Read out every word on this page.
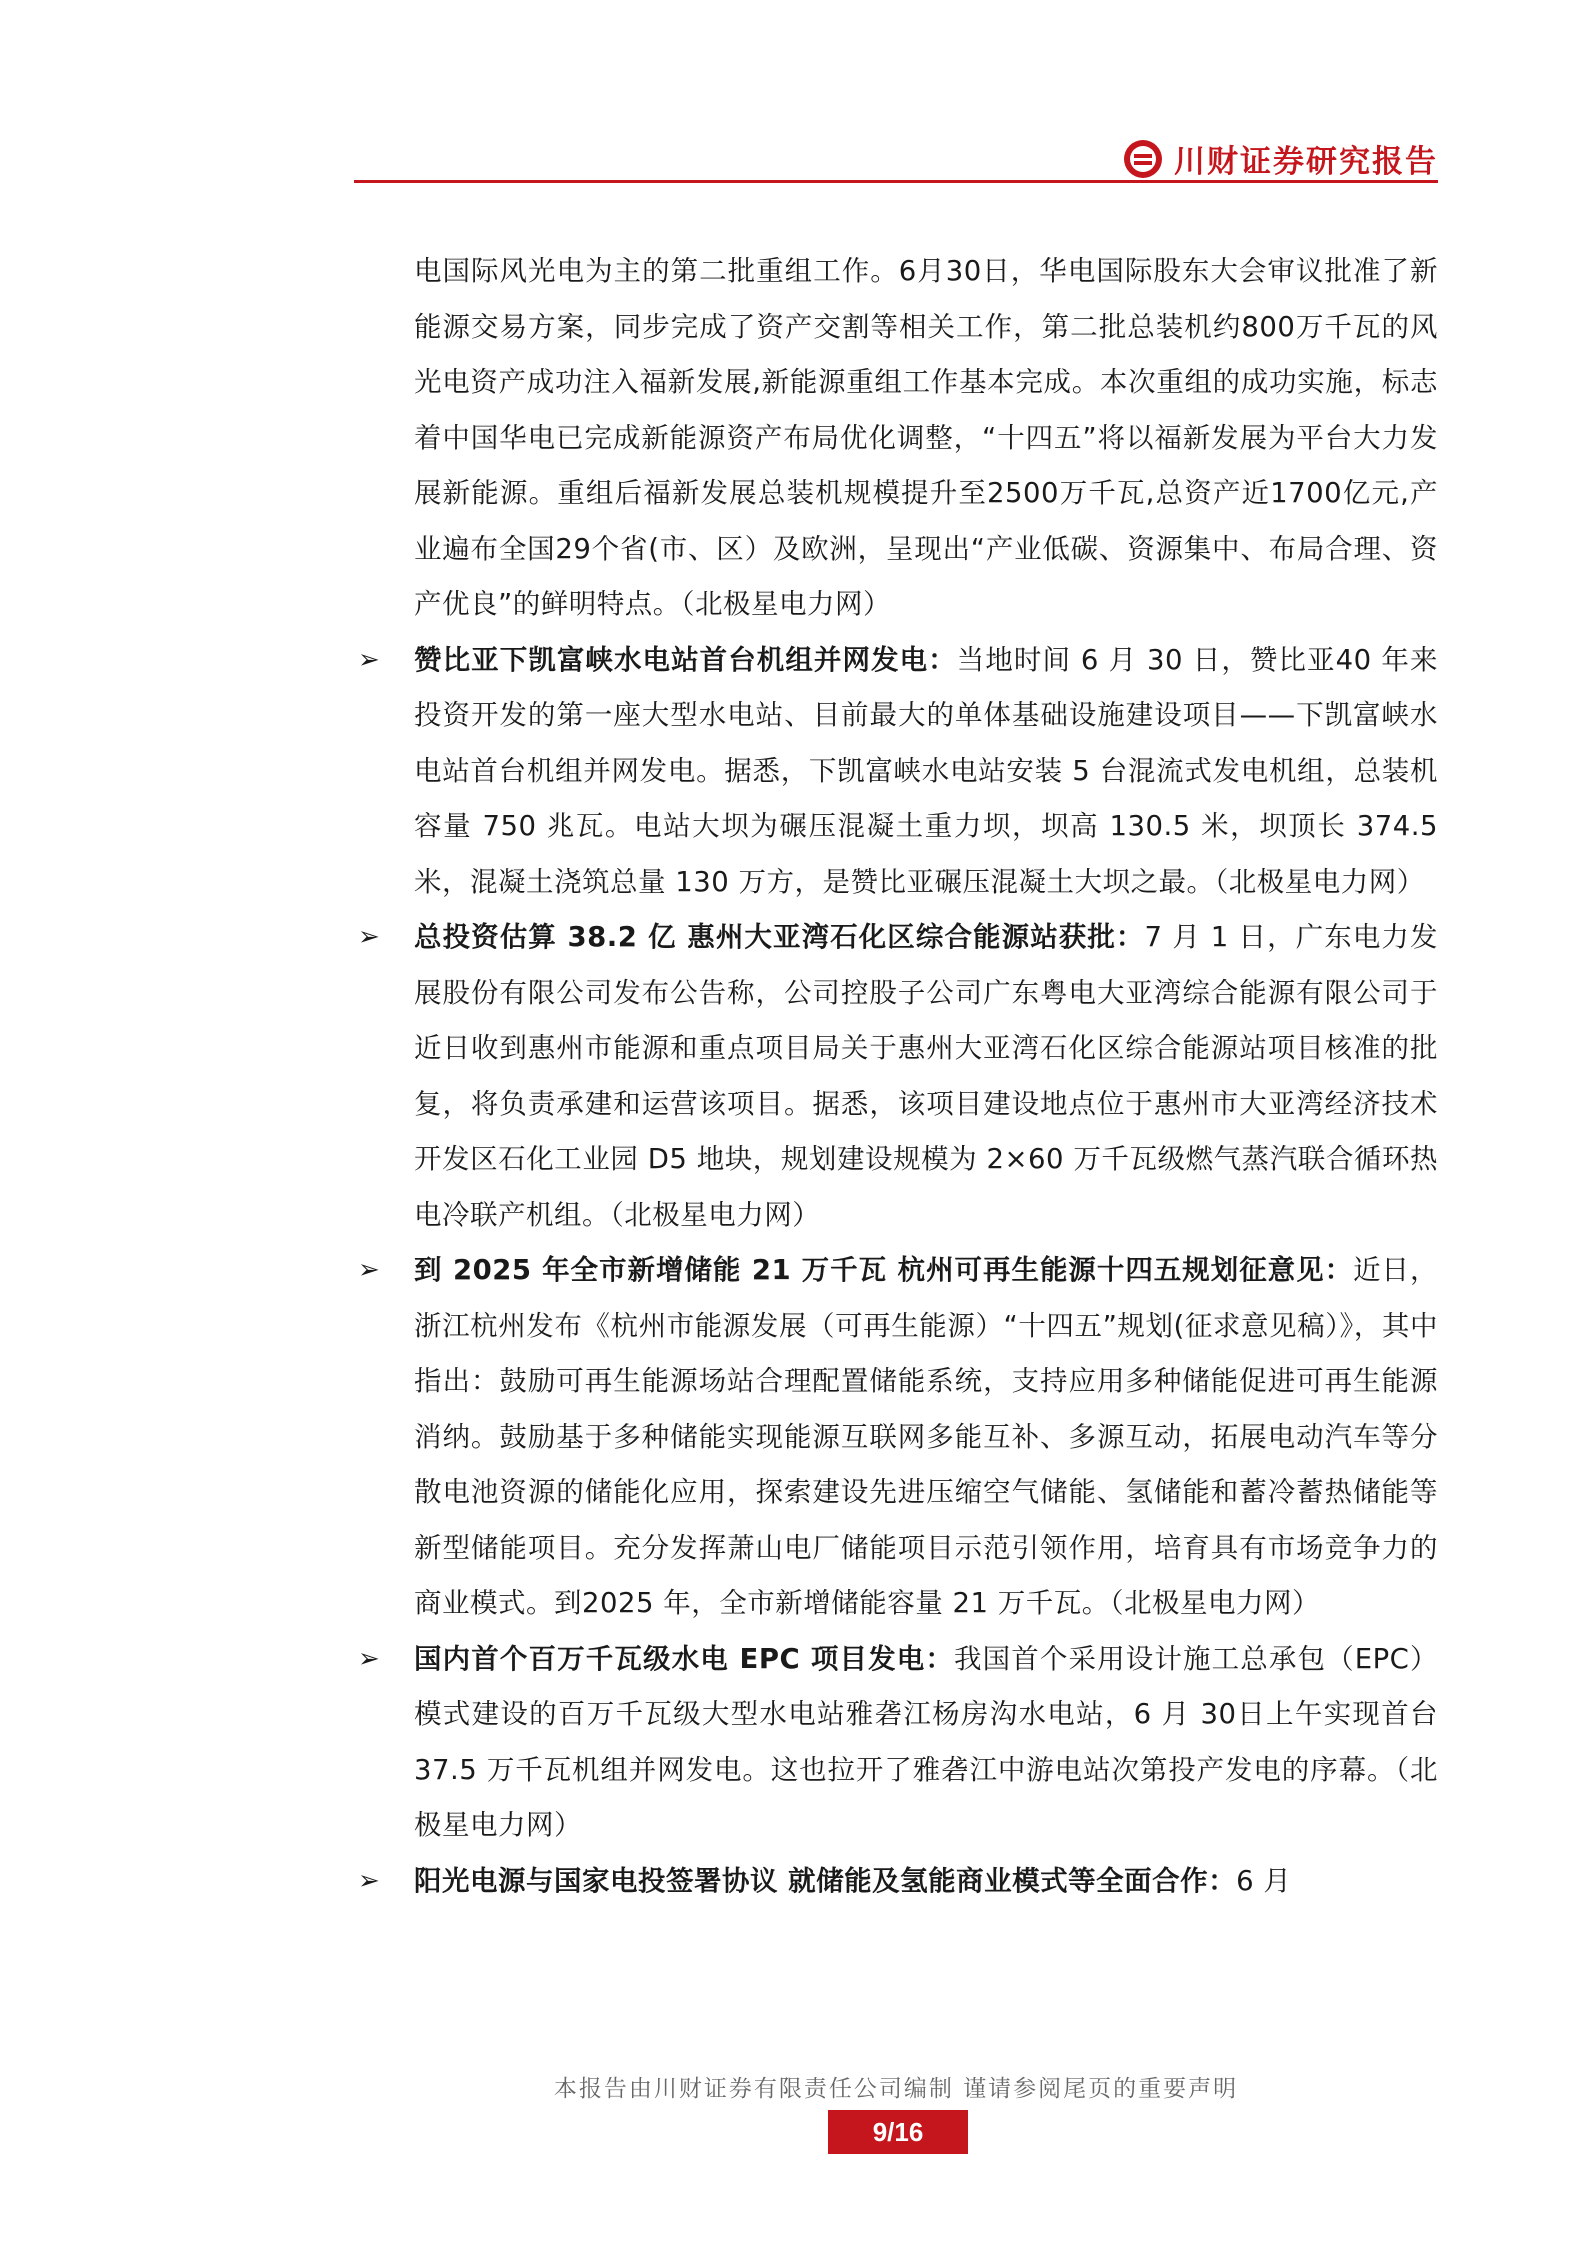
川财证券研究报告

电国际风光电为主的第二批重组工作。6月30日，华电国际股东大会审议批准了新能源交易方案，同步完成了资产交割等相关工作，第二批总装机约800万千瓦的风光电资产成功注入福新发展,新能源重组工作基本完成。本次重组的成功实施，标志着中国华电已完成新能源资产布局优化调整，“十四五”将以福新发展为平台大力发展新能源。重组后福新发展总装机规模提升至2500万千瓦,总资产近1700亿元,产业遍布全国29个省(市、区）及欧洲，呈现出“产业低碳、资源集中、布局合理、资产优良”的鲜明特点。（北极星电力网）

➢ 赞比亚下凯富峡水电站首台机组并网发电：当地时间 6 月 30 日，赞比亚40 年来投资开发的第一座大型水电站、目前最大的单体基础设施建设项目——下凯富峡水电站首台机组并网发电。据悉，下凯富峡水电站安装 5 台混流式发电机组，总装机容量 750 兆瓦。电站大坝为碾压混凝土重力坝，坝高 130.5 米，坝顶长 374.5 米，混凝土浇筑总量 130 万方，是赞比亚碾压混凝土大坝之最。（北极星电力网）

➢ 总投资估算 38.2 亿 惠州大亚湾石化区综合能源站获批：7 月 1 日，广东电力发展股份有限公司发布公告称，公司控股子公司广东粤电大亚湾综合能源有限公司于近日收到惠州市能源和重点项目局关于惠州大亚湾石化区综合能源站项目核准的批复，将负责承建和运营该项目。据悉，该项目建设地点位于惠州市大亚湾经济技术开发区石化工业园 D5 地块，规划建设规模为 2×60 万千瓦级燃气蒸汽联合循环热电冷联产机组。（北极星电力网）

➢ 到 2025 年全市新增储能 21 万千瓦 杭州可再生能源十四五规划征意见：近日，浙江杭州发布《杭州市能源发展（可再生能源）“十四五”规划(征求意见稿）》，其中指出：鼓励可再生能源场站合理配置储能系统，支持应用多种储能促进可再生能源消纳。鼓励基于多种储能实现能源互联网多能互补、多源互动，拓展电动汽车等分散电池资源的储能化应用，探索建设先进压缩空气储能、氢储能和蓄冷蓄热储能等新型储能项目。充分发挥萧山电厂储能项目示范引领作用，培育具有市场竞争力的商业模式。到2025 年，全市新增储能容量 21 万千瓦。（北极星电力网）

➢ 国内首个百万千瓦级水电 EPC 项目发电：我国首个采用设计施工总承包（EPC）模式建设的百万千瓦级大型水电站雅砻江杨房沟水电站，6 月 30日上午实现首台 37.5 万千瓦机组并网发电。这也拉开了雅砻江中游电站次第投产发电的序幕。（北极星电力网）

➢ 阳光电源与国家电投签署协议 就储能及氢能商业模式等全面合作：6 月

本报告由川财证券有限责任公司编制 谨请参阅尾页的重要声明
9/16
